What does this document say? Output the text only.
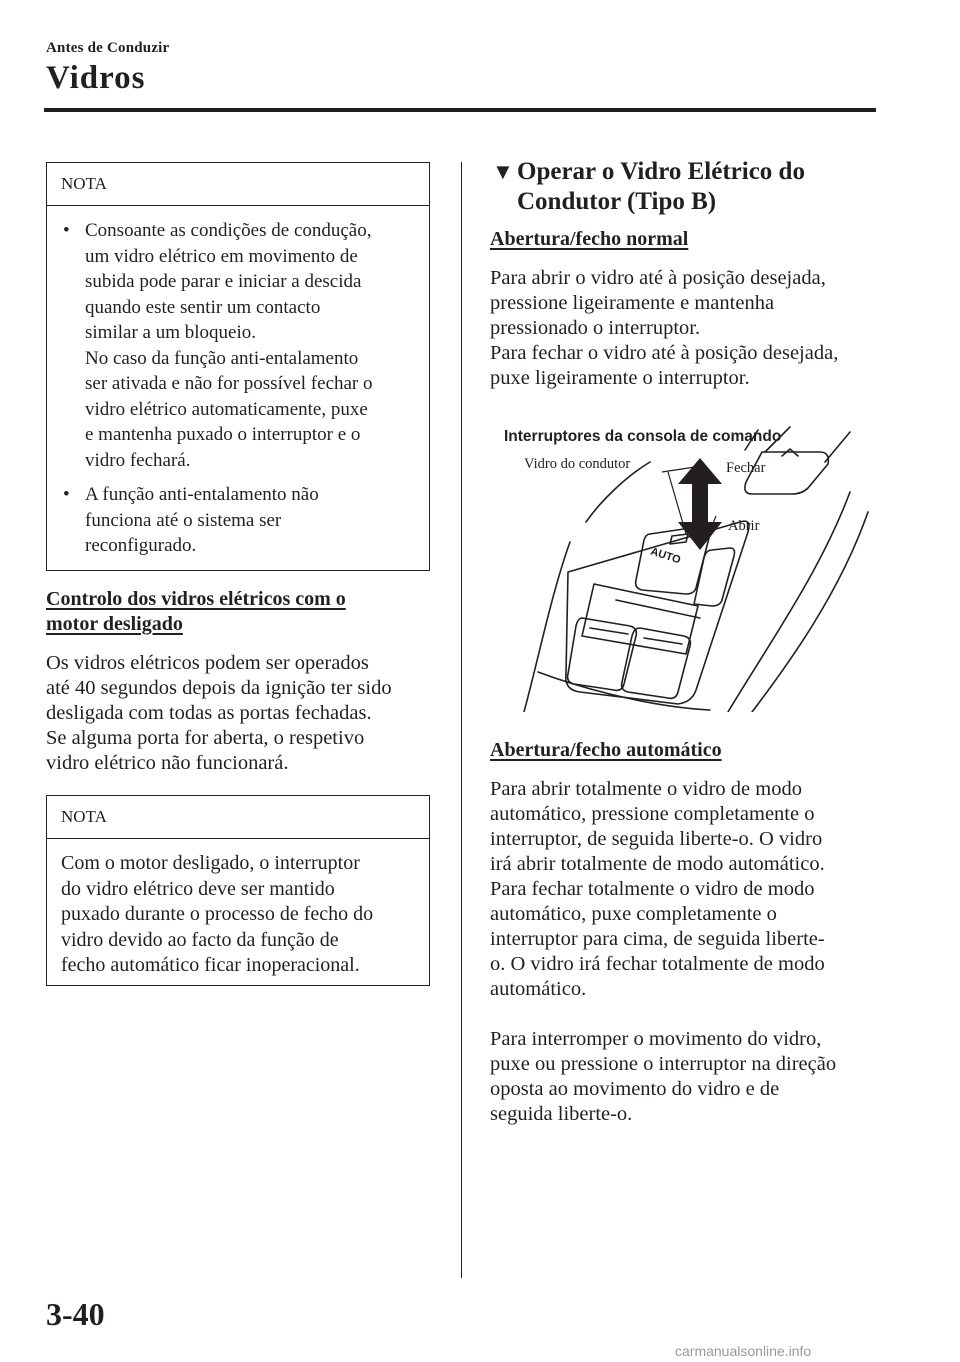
Antes de Conduzir
Vidros
NOTA
• Consoante as condições de condução,
um vidro elétrico em movimento de
subida pode parar e iniciar a descida
quando este sentir um contacto
similar a um bloqueio.
No caso da função anti-entalamento
ser ativada e não for possível fechar o
vidro elétrico automaticamente, puxe
e mantenha puxado o interruptor e o
vidro fechará.

• A função anti-entalamento não
funciona até o sistema ser
reconfigurado.

Controlo dos vidros elétricos com o
motor desligado
Os vidros elétricos podem ser operados
até 40 segundos depois da ignição ter sido
desligada com todas as portas fechadas.
Se alguma porta for aberta, o respetivo
vidro elétrico não funcionará.
NOTA
Com o motor desligado, o interruptor
do vidro elétrico deve ser mantido
puxado durante o processo de fecho do
vidro devido ao facto da função de
fecho automático ficar inoperacional.
▼ Operar o Vidro Elétrico do
Condutor (Tipo B)
Abertura/fecho normal
Para abrir o vidro até à posição desejada,
pressione ligeiramente e mantenha
pressionado o interruptor.
Para fechar o vidro até à posição desejada,
puxe ligeiramente o interruptor.
Interruptores da consola de comando
Vidro do condutor	Fechar
Abrir
AUTO
Abertura/fecho automático
Para abrir totalmente o vidro de modo
automático, pressione completamente o
interruptor, de seguida liberte-o. O vidro
irá abrir totalmente de modo automático.
Para fechar totalmente o vidro de modo
automático, puxe completamente o
interruptor para cima, de seguida liberte-
o. O vidro irá fechar totalmente de modo
automático.
Para interromper o movimento do vidro,
puxe ou pressione o interruptor na direção
oposta ao movimento do vidro e de
seguida liberte-o.
3-40
carmanualsonline.info
